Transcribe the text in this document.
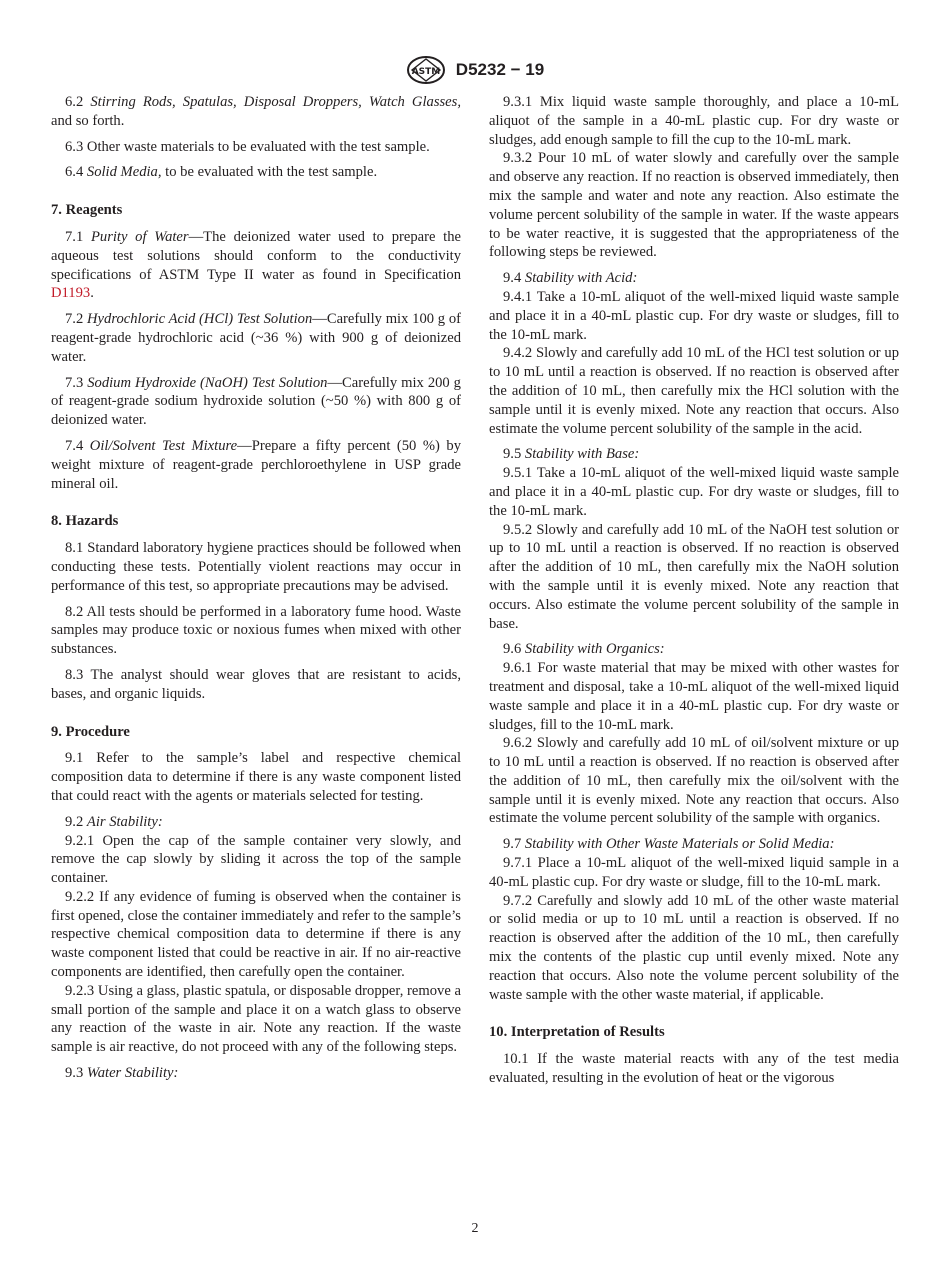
ASTM D5232 − 19

6.2 Stirring Rods, Spatulas, Disposal Droppers, Watch Glasses, and so forth.

6.3 Other waste materials to be evaluated with the test sample.

6.4 Solid Media, to be evaluated with the test sample.

7. Reagents

7.1 Purity of Water—The deionized water used to prepare the aqueous test solutions should conform to the conductivity specifications of ASTM Type II water as found in Specification D1193.

7.2 Hydrochloric Acid (HCl) Test Solution—Carefully mix 100 g of reagent-grade hydrochloric acid (~36 %) with 900 g of deionized water.

7.3 Sodium Hydroxide (NaOH) Test Solution—Carefully mix 200 g of reagent-grade sodium hydroxide solution (~50 %) with 800 g of deionized water.

7.4 Oil/Solvent Test Mixture—Prepare a fifty percent (50 %) by weight mixture of reagent-grade perchloroethylene in USP grade mineral oil.

8. Hazards

8.1 Standard laboratory hygiene practices should be followed when conducting these tests. Potentially violent reactions may occur in performance of this test, so appropriate precautions may be advised.

8.2 All tests should be performed in a laboratory fume hood. Waste samples may produce toxic or noxious fumes when mixed with other substances.

8.3 The analyst should wear gloves that are resistant to acids, bases, and organic liquids.

9. Procedure

9.1 Refer to the sample’s label and respective chemical composition data to determine if there is any waste component listed that could react with the agents or materials selected for testing.

9.2 Air Stability:

9.2.1 Open the cap of the sample container very slowly, and remove the cap slowly by sliding it across the top of the sample container.

9.2.2 If any evidence of fuming is observed when the container is first opened, close the container immediately and refer to the sample’s respective chemical composition data to determine if there is any waste component listed that could be reactive in air. If no air-reactive components are identified, then carefully open the container.

9.2.3 Using a glass, plastic spatula, or disposable dropper, remove a small portion of the sample and place it on a watch glass to observe any reaction of the waste in air. Note any reaction. If the waste sample is air reactive, do not proceed with any of the following steps.

9.3 Water Stability:

9.3.1 Mix liquid waste sample thoroughly, and place a 10-mL aliquot of the sample in a 40-mL plastic cup. For dry waste or sludges, add enough sample to fill the cup to the 10-mL mark.

9.3.2 Pour 10 mL of water slowly and carefully over the sample and observe any reaction. If no reaction is observed immediately, then mix the sample and water and note any reaction. Also estimate the volume percent solubility of the sample in water. If the waste appears to be water reactive, it is suggested that the appropriateness of the following steps be reviewed.

9.4 Stability with Acid:

9.4.1 Take a 10-mL aliquot of the well-mixed liquid waste sample and place it in a 40-mL plastic cup. For dry waste or sludges, fill to the 10-mL mark.

9.4.2 Slowly and carefully add 10 mL of the HCl test solution or up to 10 mL until a reaction is observed. If no reaction is observed after the addition of 10 mL, then carefully mix the HCl solution with the sample until it is evenly mixed. Note any reaction that occurs. Also estimate the volume percent solubility of the sample in the acid.

9.5 Stability with Base:

9.5.1 Take a 10-mL aliquot of the well-mixed liquid waste sample and place it in a 40-mL plastic cup. For dry waste or sludges, fill to the 10-mL mark.

9.5.2 Slowly and carefully add 10 mL of the NaOH test solution or up to 10 mL until a reaction is observed. If no reaction is observed after the addition of 10 mL, then carefully mix the NaOH solution with the sample until it is evenly mixed. Note any reaction that occurs. Also estimate the volume percent solubility of the sample in base.

9.6 Stability with Organics:

9.6.1 For waste material that may be mixed with other wastes for treatment and disposal, take a 10-mL aliquot of the well-mixed liquid waste sample and place it in a 40-mL plastic cup. For dry waste or sludges, fill to the 10-mL mark.

9.6.2 Slowly and carefully add 10 mL of oil/solvent mixture or up to 10 mL until a reaction is observed. If no reaction is observed after the addition of 10 mL, then carefully mix the oil/solvent with the sample until it is evenly mixed. Note any reaction that occurs. Also estimate the volume percent solubility of the sample with organics.

9.7 Stability with Other Waste Materials or Solid Media:

9.7.1 Place a 10-mL aliquot of the well-mixed liquid sample in a 40-mL plastic cup. For dry waste or sludge, fill to the 10-mL mark.

9.7.2 Carefully and slowly add 10 mL of the other waste material or solid media or up to 10 mL until a reaction is observed. If no reaction is observed after the addition of the 10 mL, then carefully mix the contents of the plastic cup until evenly mixed. Note any reaction that occurs. Also note the volume percent solubility of the waste sample with the other waste material, if applicable.

10. Interpretation of Results

10.1 If the waste material reacts with any of the test media evaluated, resulting in the evolution of heat or the vigorous

2
